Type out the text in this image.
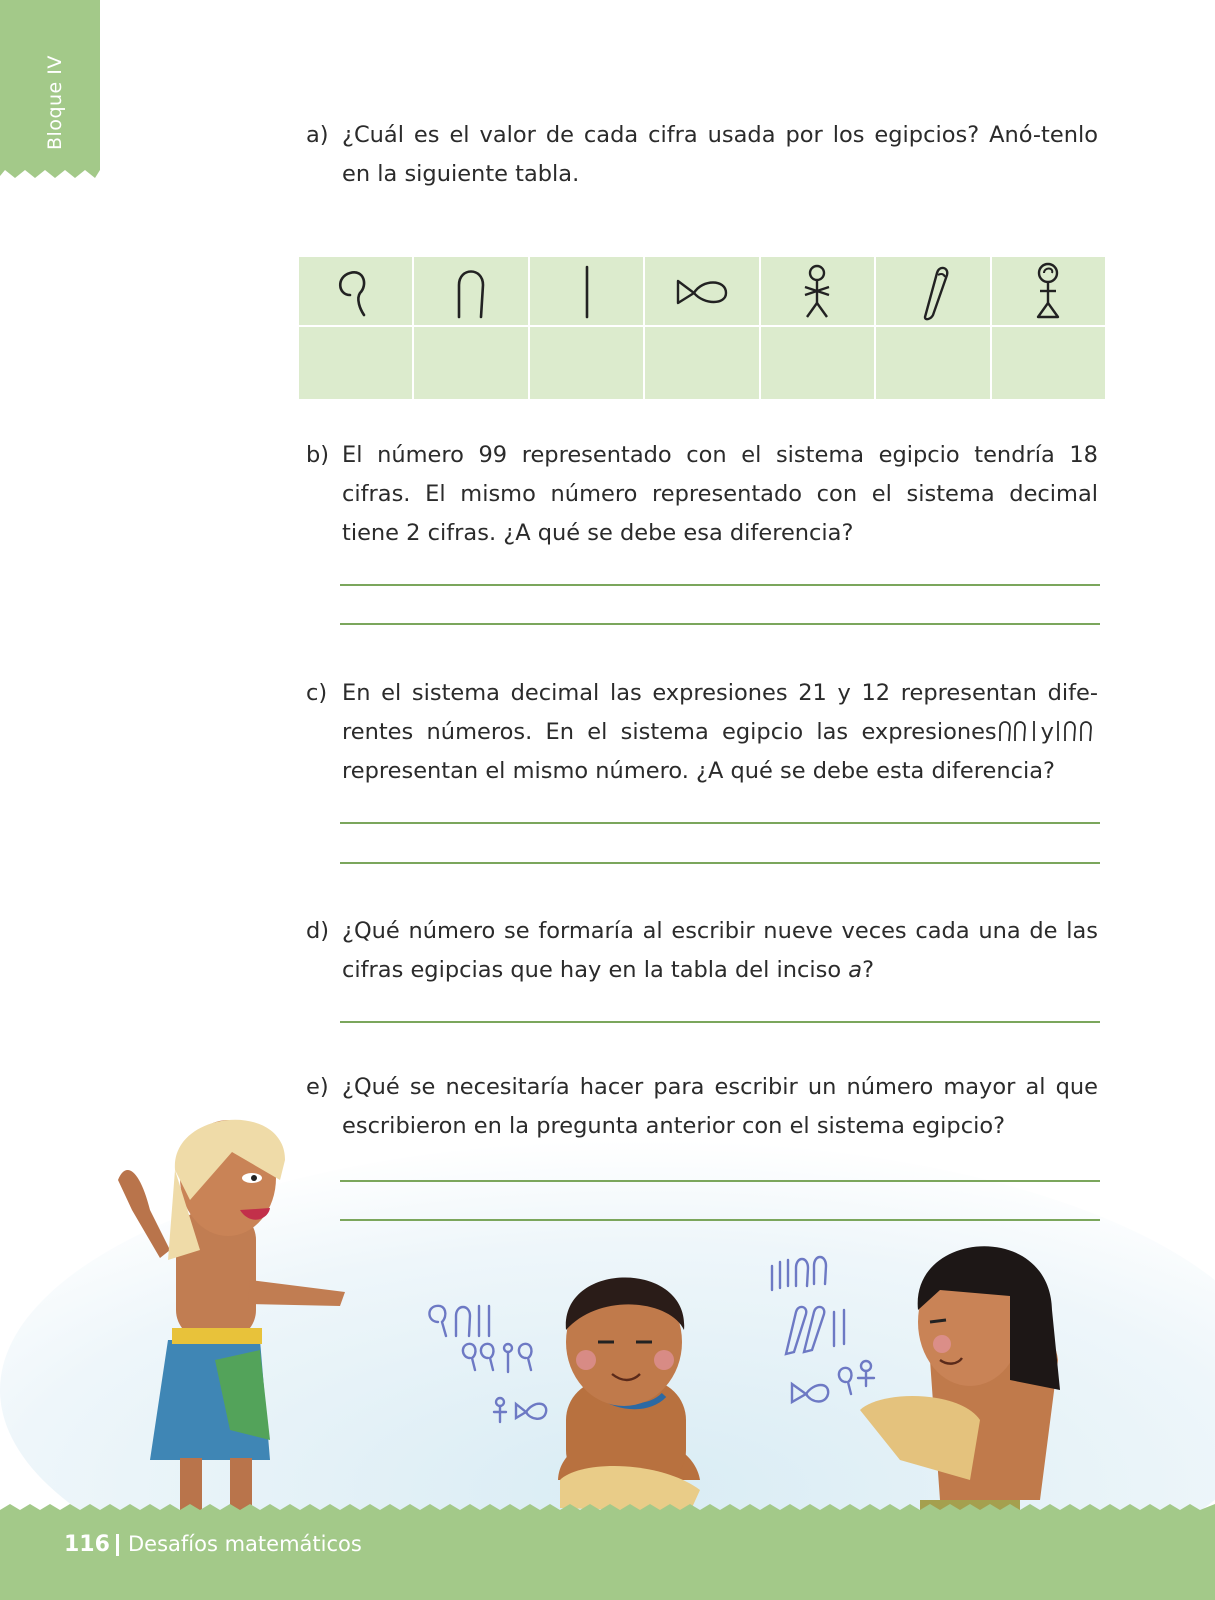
Bloque IV	a) ¿Cuál es el valor de cada cifra usada por los egipcios? Anó-tenlo en la siguiente tabla.
b) El número 99 representado con el sistema egipcio tendría 18 cifras. El mismo número representado con el sistema decimal tiene 2 cifras. ¿A qué se debe esa diferencia?
c) En el sistema decimal las expresiones 21 y 12 representan dife-rentes números. En el sistema egipcio las expresiones y
representan el mismo número. ¿A qué se debe esta diferencia?
d) ¿Qué número se formaría al escribir nueve veces cada una de las cifras egipcias que hay en la tabla del inciso a?
e) ¿Qué se necesitaría hacer para escribir un número mayor al que escribieron en la pregunta anterior con el sistema egipcio?
116 Desafíos matemáticos
